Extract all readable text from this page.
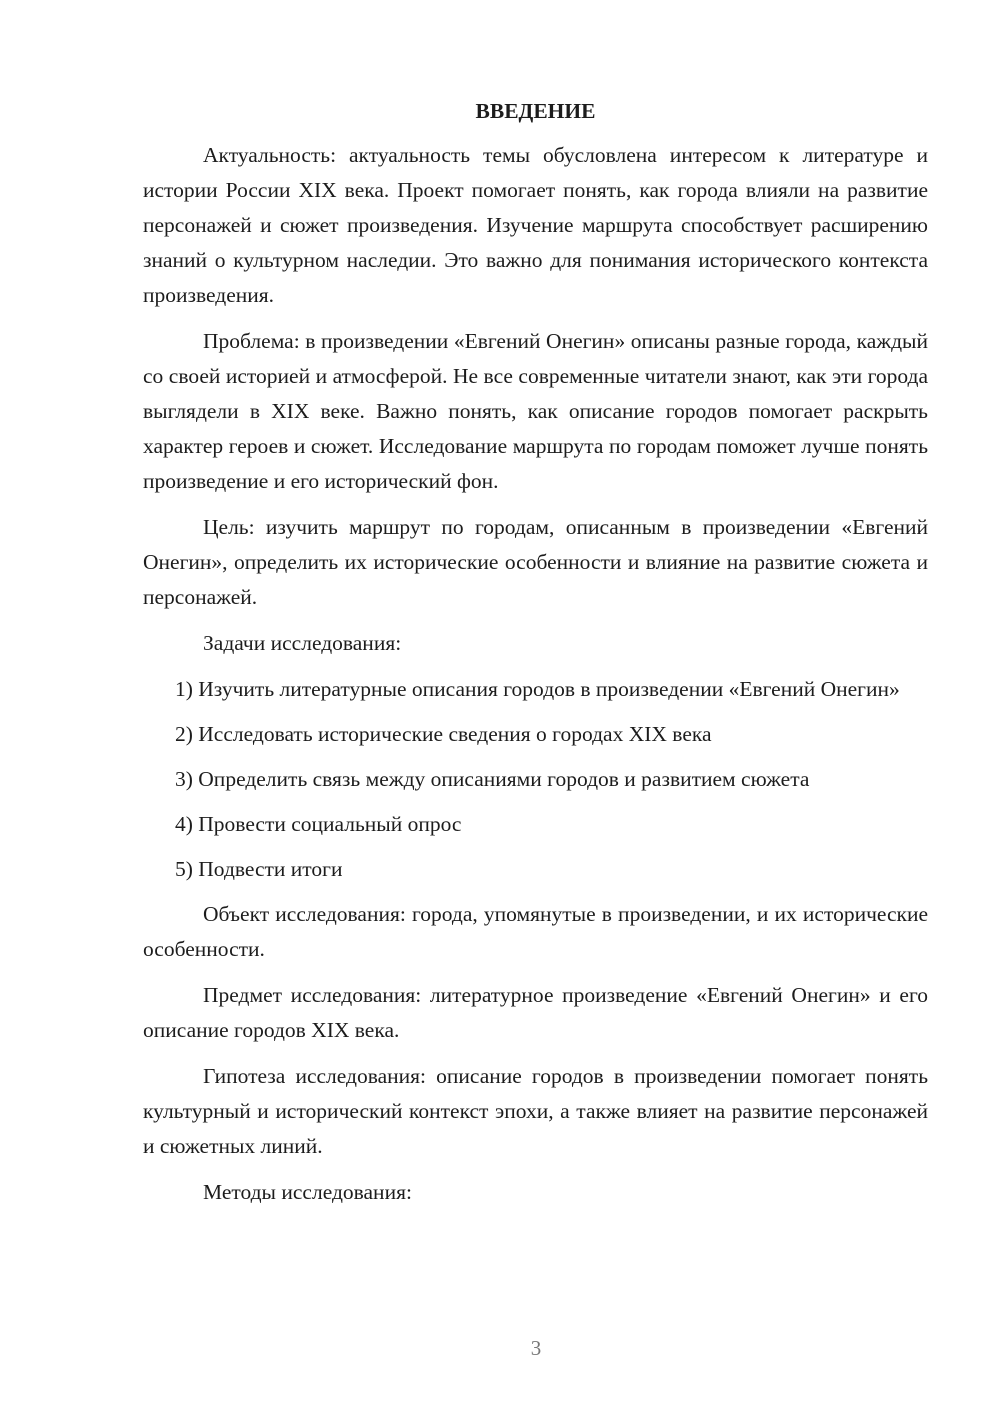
ВВЕДЕНИЕ

Актуальность: актуальность темы обусловлена интересом к литературе и истории России XIX века. Проект помогает понять, как города влияли на развитие персонажей и сюжет произведения. Изучение маршрута способствует расширению знаний о культурном наследии. Это важно для понимания исторического контекста произведения.

Проблема: в произведении «Евгений Онегин» описаны разные города, каждый со своей историей и атмосферой. Не все современные читатели знают, как эти города выглядели в XIX веке. Важно понять, как описание городов помогает раскрыть характер героев и сюжет. Исследование маршрута по городам поможет лучше понять произведение и его исторический фон.

Цель: изучить маршрут по городам, описанным в произведении «Евгений Онегин», определить их исторические особенности и влияние на развитие сюжета и персонажей.

Задачи исследования:

1) Изучить литературные описания городов в произведении «Евгений Онегин»

2) Исследовать исторические сведения о городах XIX века

3) Определить связь между описаниями городов и развитием сюжета

4) Провести социальный опрос

5) Подвести итоги

Объект исследования: города, упомянутые в произведении, и их исторические особенности.

Предмет исследования: литературное произведение «Евгений Онегин» и его описание городов XIX века.

Гипотеза исследования: описание городов в произведении помогает понять культурный и исторический контекст эпохи, а также влияет на развитие персонажей и сюжетных линий.

Методы исследования:

3
